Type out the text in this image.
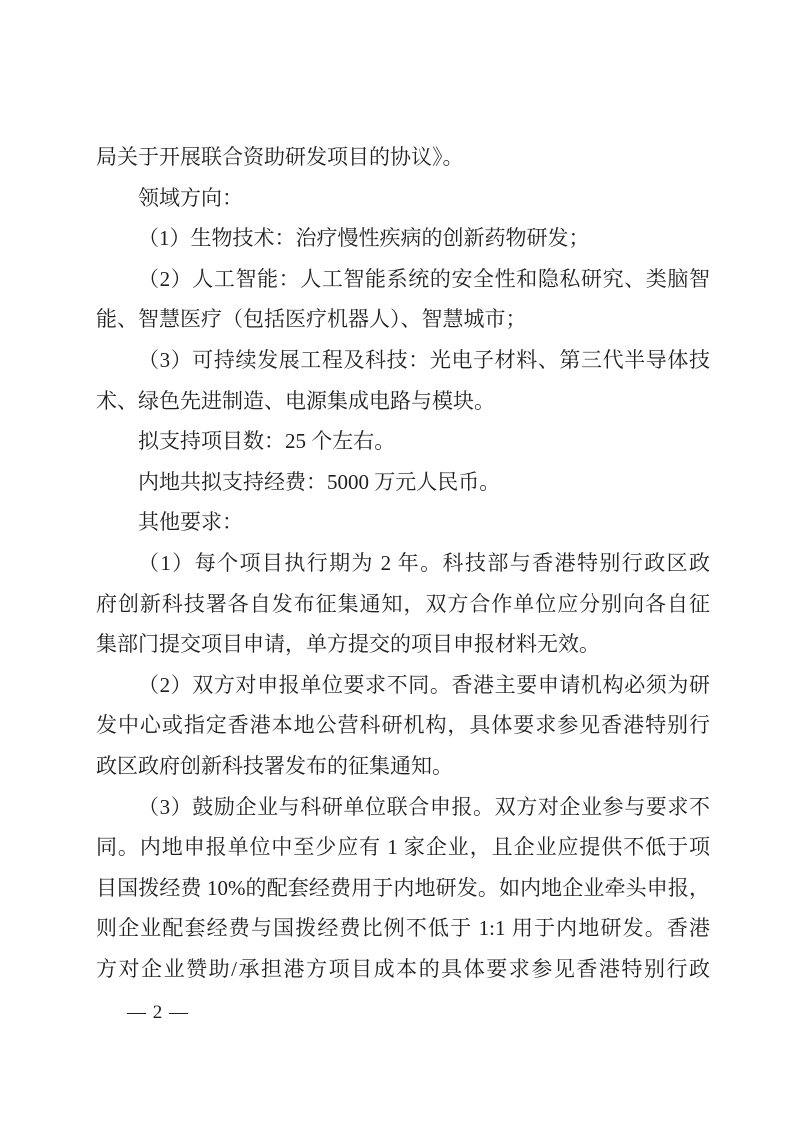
局关于开展联合资助研发项目的协议》。
领域方向：
（1）生物技术：治疗慢性疾病的创新药物研发；
（2）人工智能：人工智能系统的安全性和隐私研究、类脑智
能、智慧医疗（包括医疗机器人）、智慧城市；
（3）可持续发展工程及科技：光电子材料、第三代半导体技
术、绿色先进制造、电源集成电路与模块。
拟支持项目数：25 个左右。
内地共拟支持经费：5000 万元人民币。
其他要求：
（1）每个项目执行期为 2 年。科技部与香港特别行政区政
府创新科技署各自发布征集通知，双方合作单位应分别向各自征
集部门提交项目申请，单方提交的项目申报材料无效。
（2）双方对申报单位要求不同。香港主要申请机构必须为研
发中心或指定香港本地公营科研机构，具体要求参见香港特别行
政区政府创新科技署发布的征集通知。
（3）鼓励企业与科研单位联合申报。双方对企业参与要求不
同。内地申报单位中至少应有 1 家企业，且企业应提供不低于项
目国拨经费 10%的配套经费用于内地研发。如内地企业牵头申报，
则企业配套经费与国拨经费比例不低于 1:1 用于内地研发。香港
方对企业赞助/承担港方项目成本的具体要求参见香港特别行政
— 2 —
